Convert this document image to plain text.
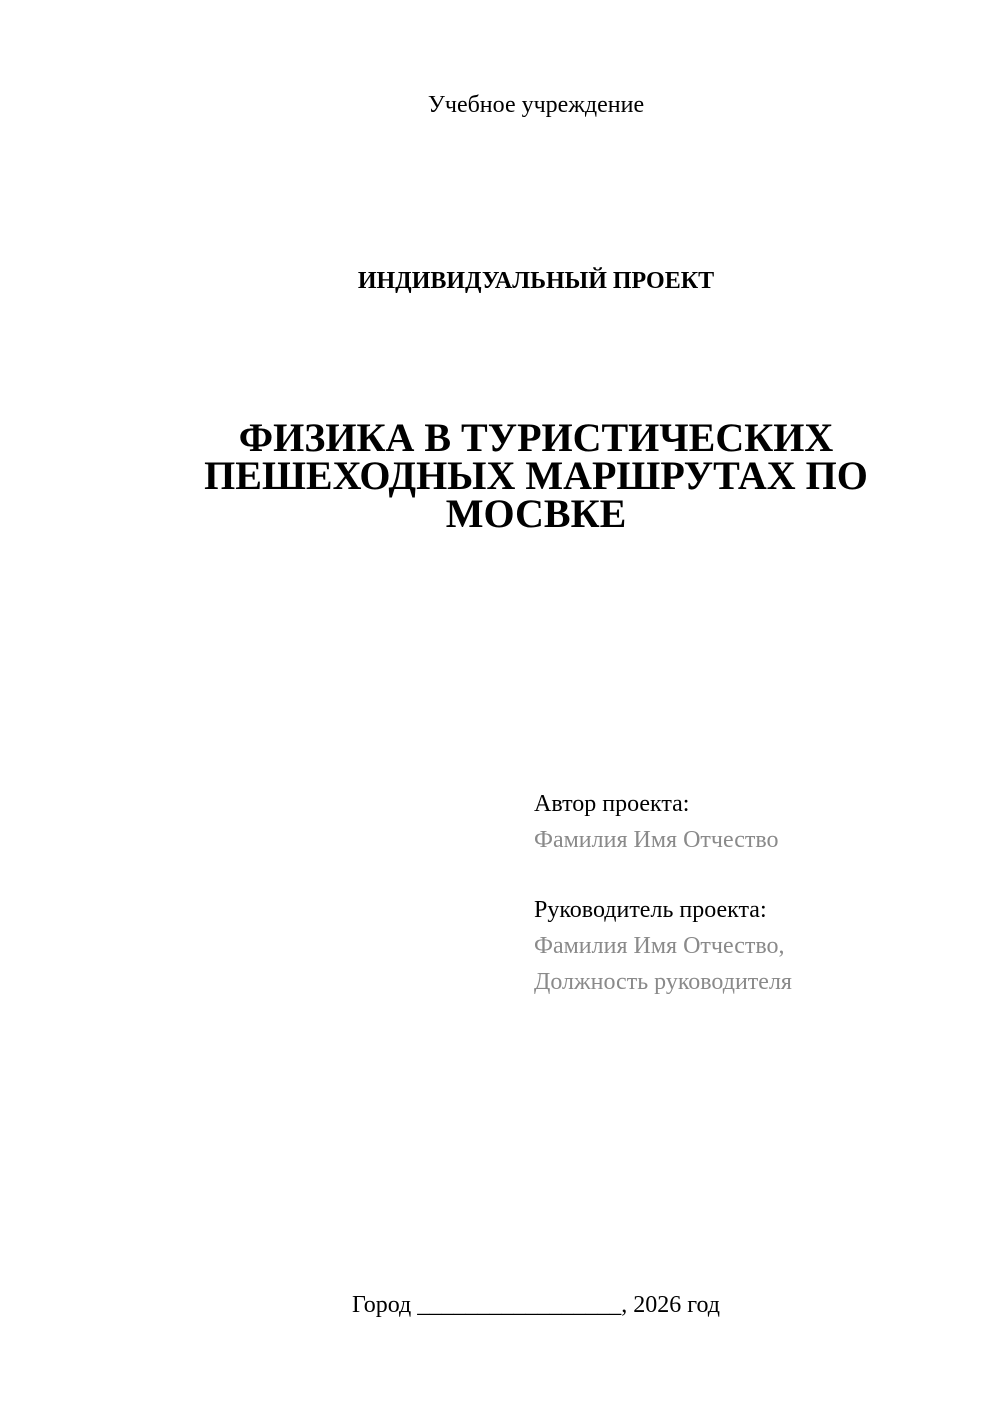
Учебное учреждение
ИНДИВИДУАЛЬНЫЙ ПРОЕКТ
ФИЗИКА В ТУРИСТИЧЕСКИХ
ПЕШЕХОДНЫХ МАРШРУТАХ ПО
МОСВКЕ
Автор проекта:
Фамилия Имя Отчество
Руководитель проекта:
Фамилия Имя Отчество,
Должность руководителя
Город _________________, 2026 год
